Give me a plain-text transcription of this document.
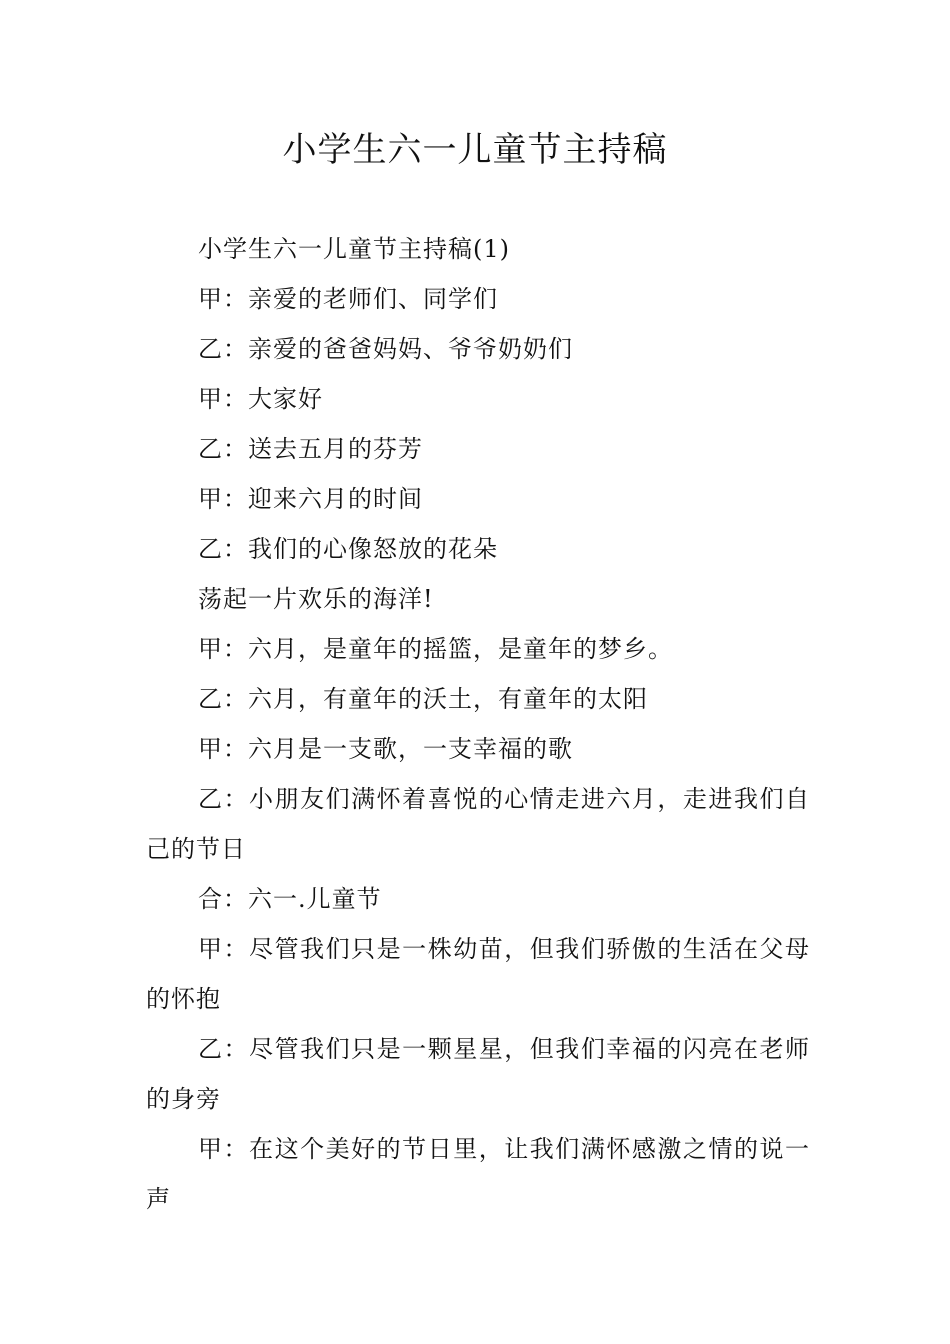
小学生六一儿童节主持稿

小学生六一儿童节主持稿(1)

甲：亲爱的老师们、同学们

乙：亲爱的爸爸妈妈、爷爷奶奶们

甲：大家好

乙：送去五月的芬芳

甲：迎来六月的时间

乙：我们的心像怒放的花朵

荡起一片欢乐的海洋!

甲：六月，是童年的摇篮，是童年的梦乡。

乙：六月，有童年的沃土，有童年的太阳

甲：六月是一支歌，一支幸福的歌

乙：小朋友们满怀着喜悦的心情走进六月，走进我们自己的节日

合：六一.儿童节

甲：尽管我们只是一株幼苗，但我们骄傲的生活在父母的怀抱

乙：尽管我们只是一颗星星，但我们幸福的闪亮在老师的身旁

甲：在这个美好的节日里，让我们满怀感激之情的说一声
